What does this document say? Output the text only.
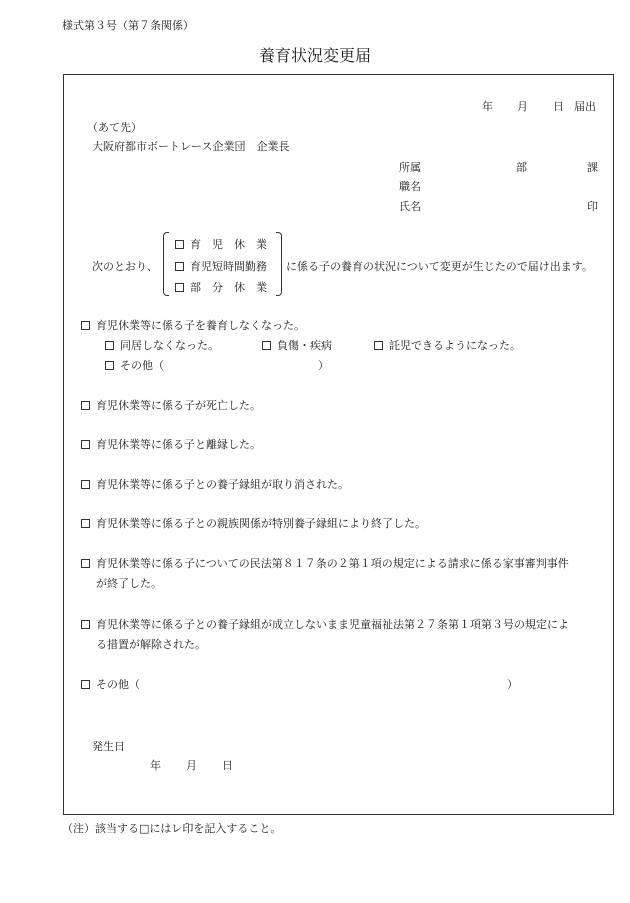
様式第３号（第７条関係）
養育状況変更届
年 月 日 届出
（あて先）
大阪府都市ボートレース企業団　企業長
所属	部	課
職名
氏名	印
次のとおり、
育　児　休　業
育児短時間勤務
部　分　休　業
に係る子の養育の状況について変更が生じたので届け出ます。
育児休業等に係る子を養育しなくなった。
同居しなくなった。	負傷・疾病	託児できるようになった。
その他（	）
育児休業等に係る子が死亡した。
育児休業等に係る子と離縁した。
育児休業等に係る子との養子縁組が取り消された。
育児休業等に係る子との親族関係が特別養子縁組により終了した。
育児休業等に係る子についての民法第８１７条の２第１項の規定による請求に係る家事審判事件
が終了した。
育児休業等に係る子との養子縁組が成立しないまま児童福祉法第２７条第１項第３号の規定によ
る措置が解除された。
その他（	）
発生日
年 月 日
（注）該当する□にはレ印を記入すること。
